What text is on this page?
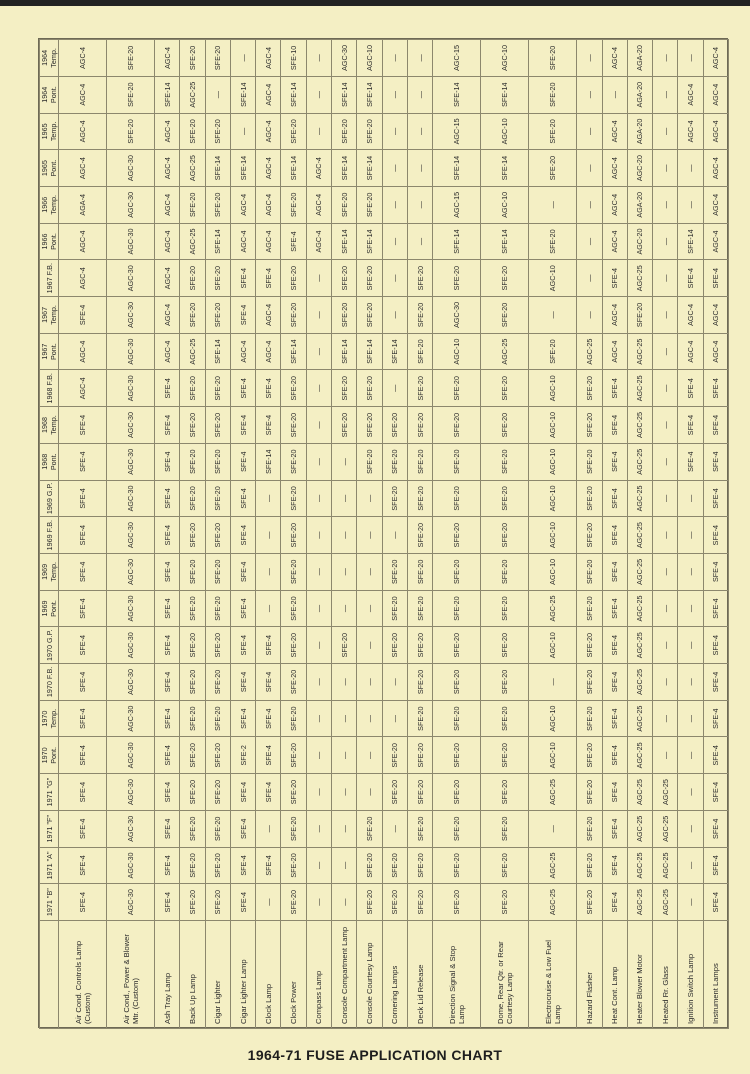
	1971 "B"	1971 "A"	1971 "F"	1971 "G"	1970 Pont.	1970 Temp.	1970 F.B.	1970 G.P.	1969 Pont.	1969 Temp.	1969 F.B.	1969 G.P.	1968 Pont.	1968 Temp.	1968 F.B.	1967 Pont.	1967 Temp.	1967 F.B.	1966 Pont.	1966 Temp.	1965 Pont.	1965 Temp.	1964 Pont.	1964 Temp.
Air Cond. Controls Lamp (Custom)	SFE-4	SFE-4	SFE-4	SFE-4	SFE-4	SFE-4	SFE-4	SFE-4	SFE-4	SFE-4	SFE-4	SFE-4	SFE-4	SFE-4	AGC-4	AGC-4	SFE-4	AGC-4	AGC-4	AGA-4	AGC-4	AGC-4	AGC-4	AGC-4
Air Cond., Power & Blower Mtr. (Custom)	AGC-30	AGC-30	AGC-30	AGC-30	AGC-30	AGC-30	AGC-30	AGC-30	AGC-30	AGC-30	AGC-30	AGC-30	AGC-30	AGC-30	AGC-30	AGC-30	AGC-30	AGC-30	AGC-30	AGC-30	AGC-30	SFE-20	SFE-20	SFE-20
Ash Tray Lamp	SFE-4	SFE-4	SFE-4	SFE-4	SFE-4	SFE-4	SFE-4	SFE-4	SFE-4	SFE-4	SFE-4	SFE-4	SFE-4	SFE-4	SFE-4	AGC-4	AGC-4	AGC-4	AGC-4	AGC-4	AGC-4	AGC-4	SFE-14	AGC-4
Back Up Lamp	SFE-20	SFE-20	SFE-20	SFE-20	SFE-20	SFE-20	SFE-20	SFE-20	SFE-20	SFE-20	SFE-20	SFE-20	SFE-20	SFE-20	SFE-20	AGC-25	SFE-20	SFE-20	AGC-25	SFE-20	AGC-25	SFE-20	AGC-25	SFE-20
Cigar Lighter	SFE-20	SFE-20	SFE-20	SFE-20	SFE-20	SFE-20	SFE-20	SFE-20	SFE-20	SFE-20	SFE-20	SFE-20	SFE-20	SFE-20	SFE-20	SFE-14	SFE-20	SFE-20	SFE-14	SFE-20	SFE-14	SFE-20	—	SFE-20
Cigar Lighter Lamp	SFE-4	SFE-4	SFE-4	SFE-4	SFE-2	SFE-4	SFE-4	SFE-4	SFE-4	SFE-4	SFE-4	SFE-4	SFE-4	SFE-4	SFE-4	AGC-4	SFE-4	SFE-4	AGC-4	AGC-4	SFE-14	—	SFE-14	—
Clock Lamp	—	SFE-4	—	SFE-4	SFE-4	SFE-4	SFE-4	SFE-4	—	—	—	—	SFE-14	SFE-4	SFE-4	AGC-4	AGC-4	SFE-4	AGC-4	AGC-4	AGC-4	AGC-4	AGC-4	AGC-4
Clock Power	SFE-20	SFE-20	SFE-20	SFE-20	SFE-20	SFE-20	SFE-20	SFE-20	SFE-20	SFE-20	SFE-20	SFE-20	SFE-20	SFE-20	SFE-20	SFE-14	SFE-20	SFE-20	SFE-4	SFE-20	SFE-14	SFE-20	SFE-14	SFE-10
Compass Lamp	—	—	—	—	—	—	—	—	—	—	—	—	—	—	—	—	—	—	AGC-4	AGC-4	AGC-4	—	—	—
Console Compartment Lamp	—	—	—	—	—	—	—	SFE-20	—	—	—	—	—	SFE-20	SFE-20	SFE-14	SFE-20	SFE-20	SFE-14	SFE-20	SFE-14	SFE-20	SFE-14	AGC-30
Console Courtesy Lamp	SFE-20	SFE-20	SFE-20	—	—	—	—	—	—	—	—	—	SFE-20	SFE-20	SFE-20	SFE-14	SFE-20	SFE-20	SFE-14	SFE-20	SFE-14	SFE-20	SFE-14	AGC-10
Cornering Lamps	SFE-20	SFE-20	—	SFE-20	SFE-20	—	—	SFE-20	SFE-20	SFE-20	—	SFE-20	SFE-20	SFE-20	—	SFE-14	—	—	—	—	—	—	—	—
Deck Lid Release	SFE-20	SFE-20	SFE-20	SFE-20	SFE-20	SFE-20	SFE-20	SFE-20	SFE-20	SFE-20	SFE-20	SFE-20	SFE-20	SFE-20	SFE-20	SFE-20	SFE-20	SFE-20	—	—	—	—	—	—
Direction Signal & Stop Lamp	SFE-20	SFE-20	SFE-20	SFE-20	SFE-20	SFE-20	SFE-20	SFE-20	SFE-20	SFE-20	SFE-20	SFE-20	SFE-20	SFE-20	SFE-20	AGC-10	AGC-30	SFE-20	SFE-14	AGC-15	SFE-14	AGC-15	SFE-14	AGC-15
Dome, Rear Qtr. or Rear Courtesy Lamp	SFE-20	SFE-20	SFE-20	SFE-20	SFE-20	SFE-20	SFE-20	SFE-20	SFE-20	SFE-20	SFE-20	SFE-20	SFE-20	SFE-20	SFE-20	AGC-25	SFE-20	SFE-20	SFE-14	AGC-10	SFE-14	AGC-10	SFE-14	AGC-10
Electrocruise & Low Fuel Lamp	AGC-25	AGC-25	—	AGC-25	AGC-10	AGC-10	—	AGC-10	AGC-25	AGC-10	AGC-10	AGC-10	AGC-10	AGC-10	AGC-10	SFE-20	—	AGC-10	SFE-20	—	SFE-20	SFE-20	SFE-20	SFE-20
Hazard Flasher	SFE-20	SFE-20	SFE-20	SFE-20	SFE-20	SFE-20	SFE-20	SFE-20	SFE-20	SFE-20	SFE-20	SFE-20	SFE-20	SFE-20	SFE-20	AGC-25	—	—	—	—	—	—	—	—
Heat Cont. Lamp	SFE-4	SFE-4	SFE-4	SFE-4	SFE-4	SFE-4	SFE-4	SFE-4	SFE-4	SFE-4	SFE-4	SFE-4	SFE-4	SFE-4	SFE-4	AGC-4	AGC-4	SFE-4	AGC-4	AGC-4	AGC-4	AGC-4	—	AGC-4
Heater Blower Motor	AGC-25	AGC-25	AGC-25	AGC-25	AGC-25	AGC-25	AGC-25	AGC-25	AGC-25	AGC-25	AGC-25	AGC-25	AGC-25	AGC-25	AGC-25	AGC-25	SFE-20	AGC-25	AGC-20	AGA-20	AGC-20	AGA-20	AGA-20	AGA-20
Heated Rr. Glass	AGC-25	AGC-25	AGC-25	AGC-25	—	—	—	—	—	—	—	—	—	—	—	—	—	—	—	—	—	—	—	—
Ignition Switch Lamp	—	—	—	—	—	—	—	—	—	—	—	—	SFE-4	SFE-4	SFE-4	AGC-4	AGC-4	SFE-4	SFE-14	—	—	AGC-4	AGC-4	—
Instrument Lamps	SFE-4	SFE-4	SFE-4	SFE-4	SFE-4	SFE-4	SFE-4	SFE-4	SFE-4	SFE-4	SFE-4	SFE-4	SFE-4	SFE-4	SFE-4	AGC-4	AGC-4	SFE-4	AGC-4	AGC-4	AGC-4	AGC-4	AGC-4	AGC-4
1964-71 FUSE APPLICATION CHART
